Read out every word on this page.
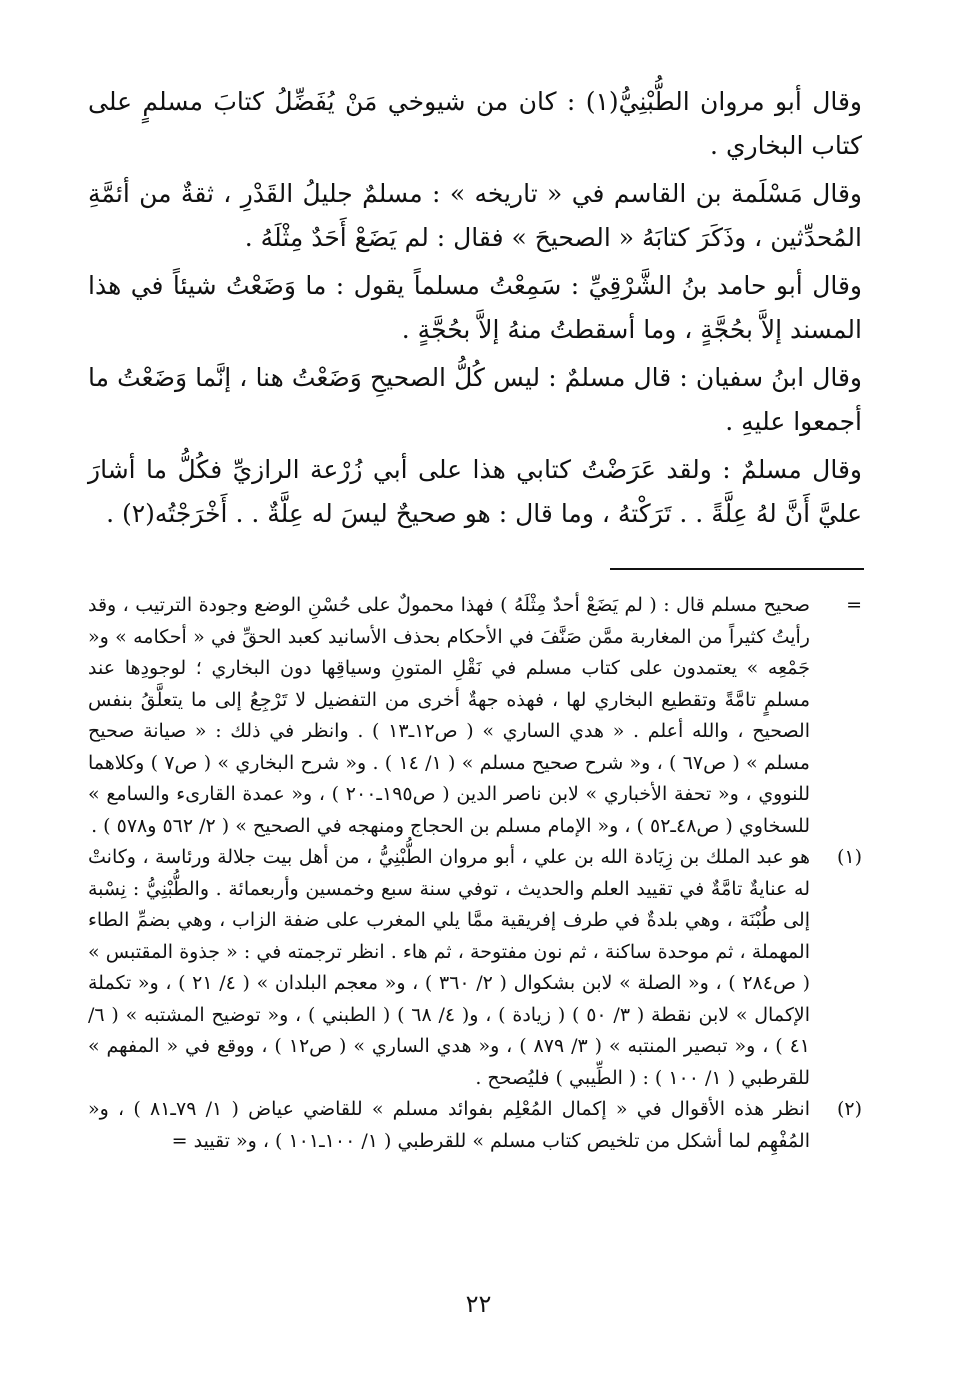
وقال أبو مروان الطُّبْنِيُّ(١) : كان من شيوخي مَنْ يُفَضِّلُ كتابَ مسلمٍ على كتاب البخاري .

وقال مَسْلَمة بن القاسم في « تاريخه » : مسلمٌ جليلُ القَدْرِ ، ثقةٌ من أئمَّةِ المُحدِّثين ، وذَكَرَ كتابَهُ « الصحيحَ » فقال : لم يَضَعْ أَحَدٌ مِثْلَهُ .

وقال أبو حامد بنُ الشَّرْقِيِّ : سَمِعْتُ مسلماً يقول : ما وَضَعْتُ شيئاً في هذا المسند إلاَّ بحُجَّةٍ ، وما أسقطتُ منهُ إلاَّ بحُجَّةٍ .

وقال ابنُ سفيان : قال مسلمٌ : ليس كُلُّ الصحيحِ وَضَعْتُ هنا ، إنَّما وَضَعْتُ ما أجمعوا عليهِ .

وقال مسلمٌ : ولقد عَرَضْتُ كتابي هذا على أبي زُرْعة الرازيِّ فكُلُّ ما أشارَ عليَّ أَنَّ لهُ عِلَّةً . . تَرَكْتهُ ، وما قال : هو صحيحٌ ليسَ له عِلَّةٌ . . أَخْرَجْتُه(٢) .

=
صحيح مسلم قال : ( لم يَضَعْ أحدٌ مِثْلَهُ ) فهذا محمولٌ على حُسْنِ الوضع وجودة الترتيب ، وقد رأيتُ كثيراً من المغاربة ممَّن صَنَّفَ في الأحكام بحذف الأسانيد كعبد الحقِّ في « أحكامه » و« جَمْعِه » يعتمدون على كتاب مسلم في نَقْلِ المتونِ وسياقِها دون البخاري ؛ لوجودِها عند مسلمٍ تامَّةً وتقطيع البخاري لها ، فهذه جهةٌ أخرى من التفضيل لا تَرْجِعُ إلى ما يتعلَّقُ بنفس الصحيح ، والله أعلم . « هدي الساري » ( ص١٢ـ١٣ ) . وانظر في ذلك : « صيانة صحيح مسلم » ( ص٦٧ ) ، و« شرح صحيح مسلم » ( ١/ ١٤ ) . و« شرح البخاري » ( ص٧ ) وكلاهما للنووي ، و« تحفة الأخباري » لابن ناصر الدين ( ص١٩٥ـ٢٠٠ ) ، و« عمدة القارىء والسامع » للسخاوي ( ص٤٨ـ٥٢ ) ، و« الإمام مسلم بن الحجاج ومنهجه في الصحيح » ( ٢/ ٥٦٢ و٥٧٨ ) .

(١)
هو عبد الملك بن زِيَادة الله بن علي ، أبو مروان الطُّبْنِيُّ ، من أهل بيت جلالة ورئاسة ، وكانتْ له عنايةٌ تامَّةٌ في تقييد العلم والحديث ، توفي سنة سبع وخمسين وأربعمائة . والطُّبْنِيُّ : نِسْبة إلى طُبْنَة ، وهي بلدةٌ في طرف إفريقية ممَّا يلي المغرب على ضفة الزاب ، وهي بضمِّ الطاء المهملة ، ثم موحدة ساكنة ، ثم نون مفتوحة ، ثم هاء . انظر ترجمته في : « جذوة المقتبس » ( ص٢٨٤ ) ، و« الصلة » لابن بشكوال ( ٢/ ٣٦٠ ) ، و« معجم البلدان » ( ٤/ ٢١ ) ، و« تكملة الإكمال » لابن نقطة ( ٣/ ٥٠ ) ( زيادة ) ، و( ٤/ ٦٨ ) ( الطبني ) ، و« توضيح المشتبه » ( ٦/ ٤١ ) ، و« تبصير المنتبه » ( ٣/ ٨٧٩ ) ، و« هدي الساري » ( ص١٢ ) ، ووقع في « المفهم » للقرطبي ( ١/ ١٠٠ ) : ( الطِّيبي ) فليُصحح .

(٢)
انظر هذه الأقوال في « إكمال المُعْلِم بفوائد مسلم » للقاضي عياض ( ١/ ٧٩ـ٨١ ) ، و« المُفْهِم لما أشكل من تلخيص كتاب مسلم » للقرطبي ( ١/ ١٠٠ـ١٠١ ) ، و« تقييد =

٢٢
